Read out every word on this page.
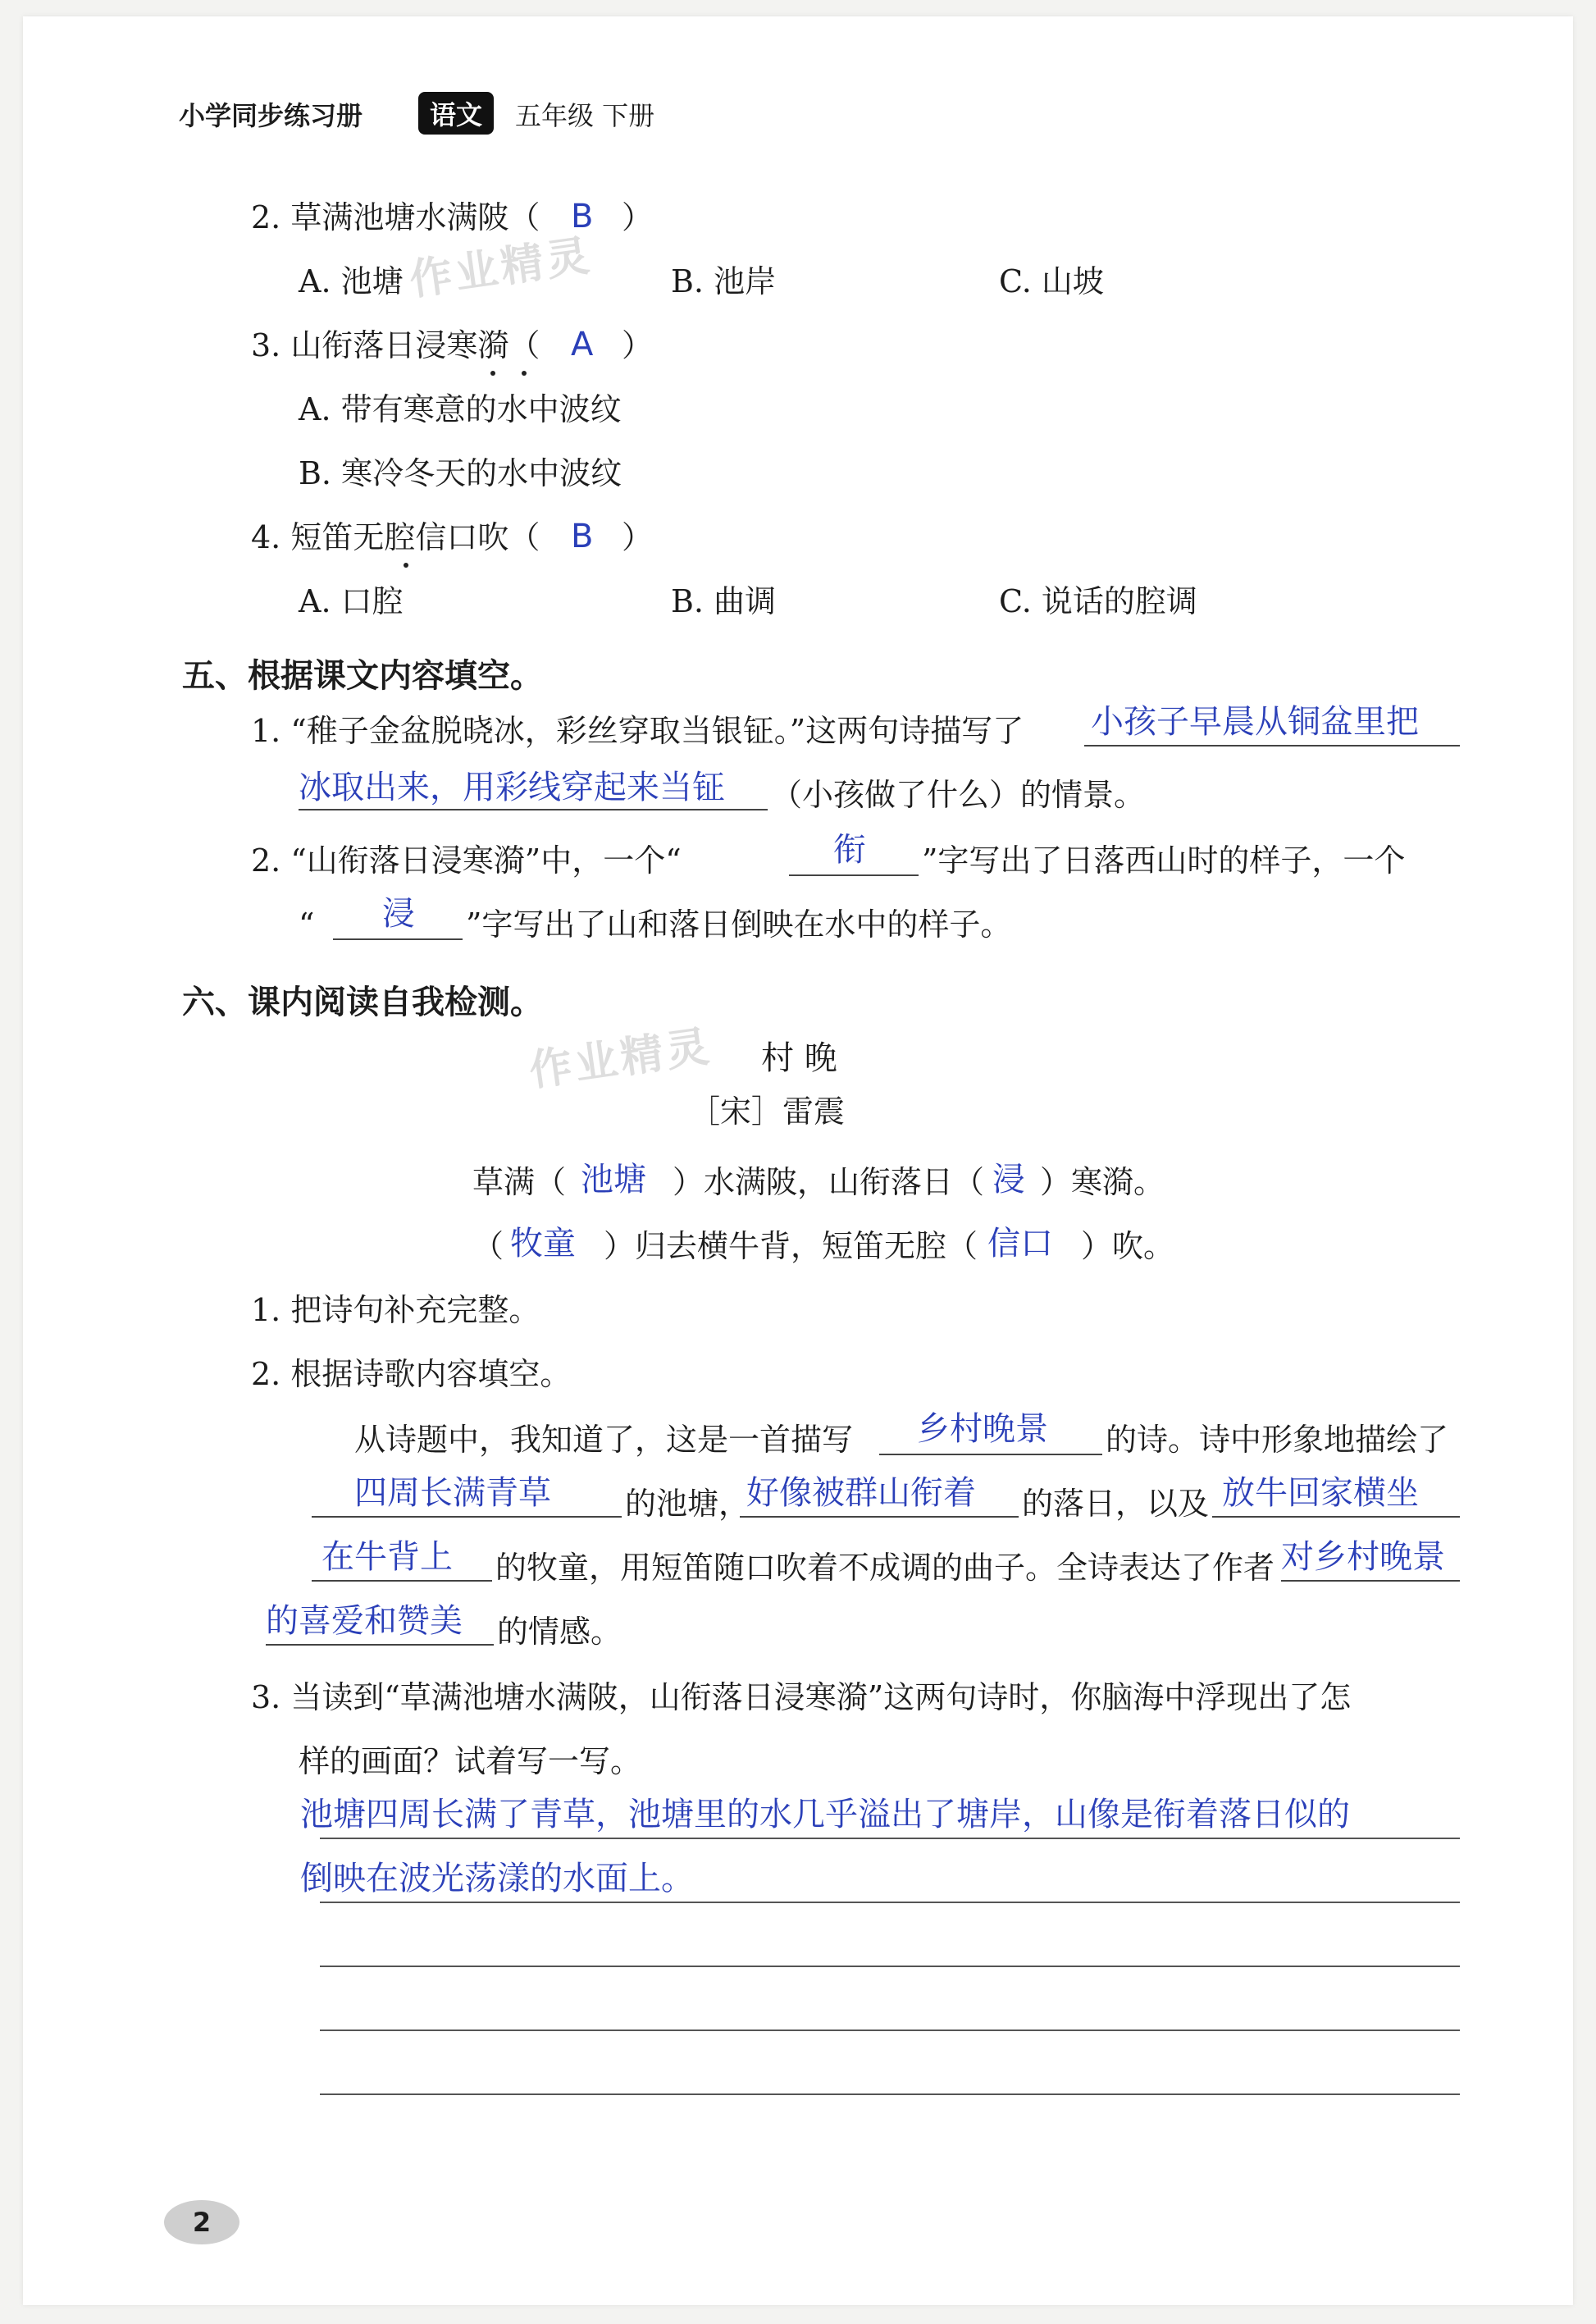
小学同步练习册	语文	五年级 下册
2. 草满池塘水满陂（ B ）
A. 池塘	B. 池岸	C. 山坡
3. 山衔落日浸寒漪（ A ）
A. 带有寒意的水中波纹
B. 寒冷冬天的水中波纹
4. 短笛无腔信口吹（ B ）
A. 口腔	B. 曲调	C. 说话的腔调
五、根据课文内容填空。
1. “稚子金盆脱晓冰，彩丝穿取当银钲。”这两句诗描写了 小孩子早晨从铜盆里把
冰取出来，用彩线穿起来当钲 （小孩做了什么）的情景。
2. “山衔落日浸寒漪”中，一个“	衔 ”字写出了日落西山时的样子，一个
“ 浸 ”字写出了山和落日倒映在水中的样子。
六、课内阅读自我检测。
村 晚
［宋］雷震
草满（ 池塘 ）水满陂，山衔落日（ 浸 ）寒漪。
（ 牧童 ）归去横牛背，短笛无腔（ 信口 ）吹。
1. 把诗句补充完整。
2. 根据诗歌内容填空。
从诗题中，我知道了，这是一首描写 乡村晚景 的诗。诗中形象地描绘了
四周长满青草 的池塘，
好像被群山衔着 的落日，以及 放牛回家横坐
在牛背上 的牧童，用短笛随口吹着不成调的曲子。全诗表达了作者 对乡村晚景
的喜爱和赞美 的情感。
3. 当读到“草满池塘水满陂，山衔落日浸寒漪”这两句诗时，你脑海中浮现出了怎
样的画面？试着写一写。
池塘四周长满了青草，池塘里的水几乎溢出了塘岸，山像是衔着落日似的
倒映在波光荡漾的水面上。
作业精灵
作业精灵
2
